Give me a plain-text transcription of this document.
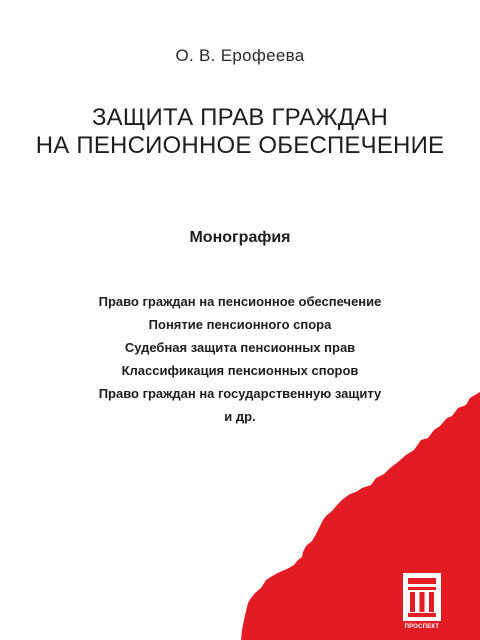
О. В. Ерофеева
ЗАЩИТА ПРАВ ГРАЖДАН
НА ПЕНСИОННОЕ ОБЕСПЕЧЕНИЕ
Монография
Право граждан на пенсионное обеспечение
Понятие пенсионного спора
Судебная защита пенсионных прав
Классификация пенсионных споров
Право граждан на государственную защиту
и др.
ПРОСПЕКТ
